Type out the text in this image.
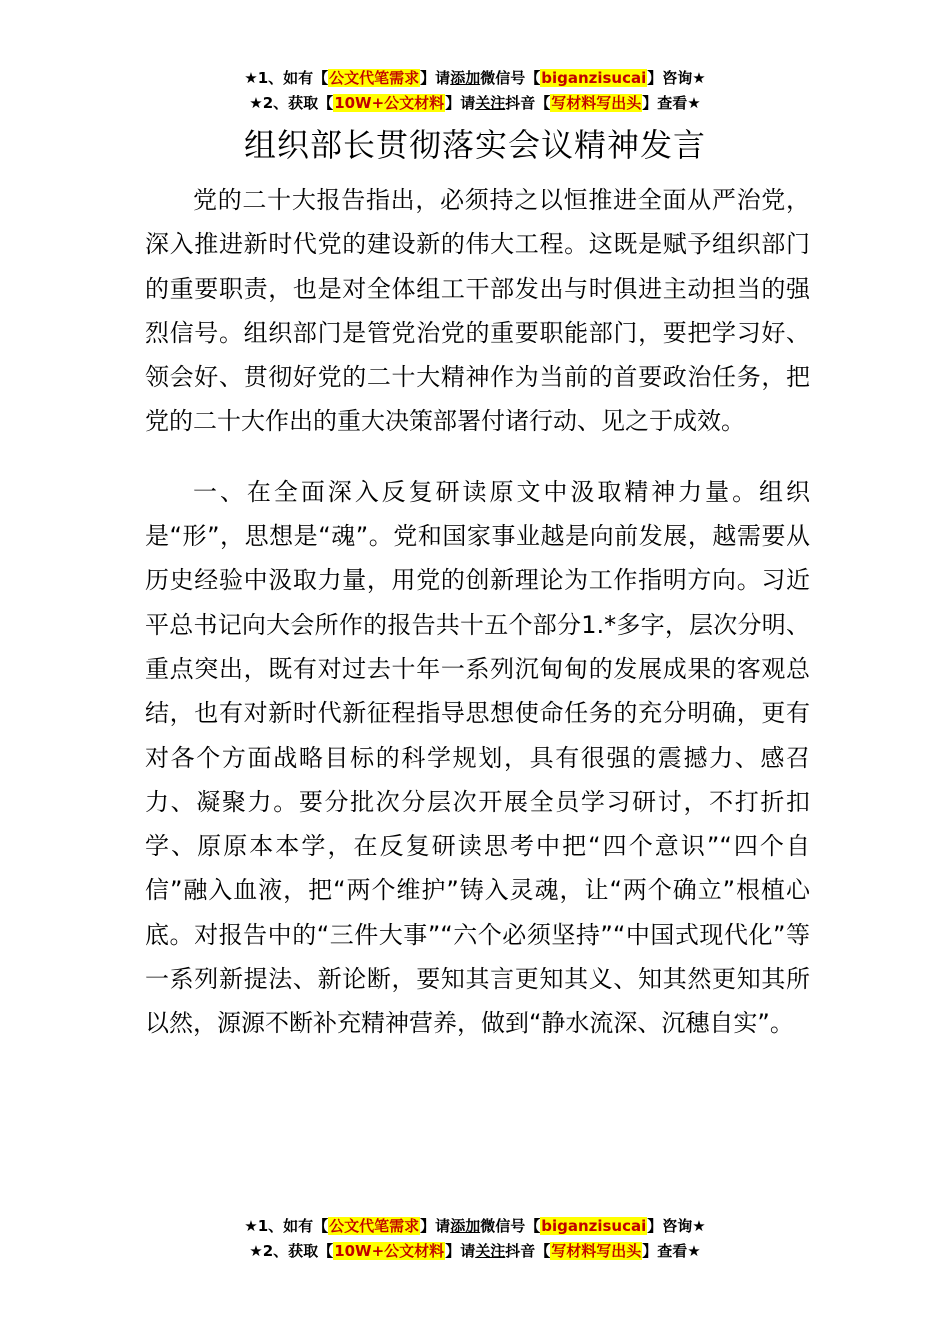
★1、如有【公文代笔需求】请添加微信号【biganzisucai】咨询★
★2、获取【10W+公文材料】请关注抖音【写材料写出头】查看★
组织部长贯彻落实会议精神发言

党的二十大报告指出，必须持之以恒推进全面从严治党，深入推进新时代党的建设新的伟大工程。这既是赋予组织部门的重要职责，也是对全体组工干部发出与时俱进主动担当的强烈信号。组织部门是管党治党的重要职能部门，要把学习好、领会好、贯彻好党的二十大精神作为当前的首要政治任务，把党的二十大作出的重大决策部署付诸行动、见之于成效。

一、在全面深入反复研读原文中汲取精神力量。组织是“形”，思想是“魂”。党和国家事业越是向前发展，越需要从历史经验中汲取力量，用党的创新理论为工作指明方向。习近平总书记向大会所作的报告共十五个部分1.*多字，层次分明、重点突出，既有对过去十年一系列沉甸甸的发展成果的客观总结，也有对新时代新征程指导思想使命任务的充分明确，更有对各个方面战略目标的科学规划，具有很强的震撼力、感召力、凝聚力。要分批次分层次开展全员学习研讨，不打折扣学、原原本本学，在反复研读思考中把“四个意识”“四个自信”融入血液，把“两个维护”铸入灵魂，让“两个确立”根植心底。对报告中的“三件大事”“六个必须坚持”“中国式现代化”等一系列新提法、新论断，要知其言更知其义、知其然更知其所以然，源源不断补充精神营养，做到“静水流深、沉穗自实”。

★1、如有【公文代笔需求】请添加微信号【biganzisucai】咨询★
★2、获取【10W+公文材料】请关注抖音【写材料写出头】查看★
